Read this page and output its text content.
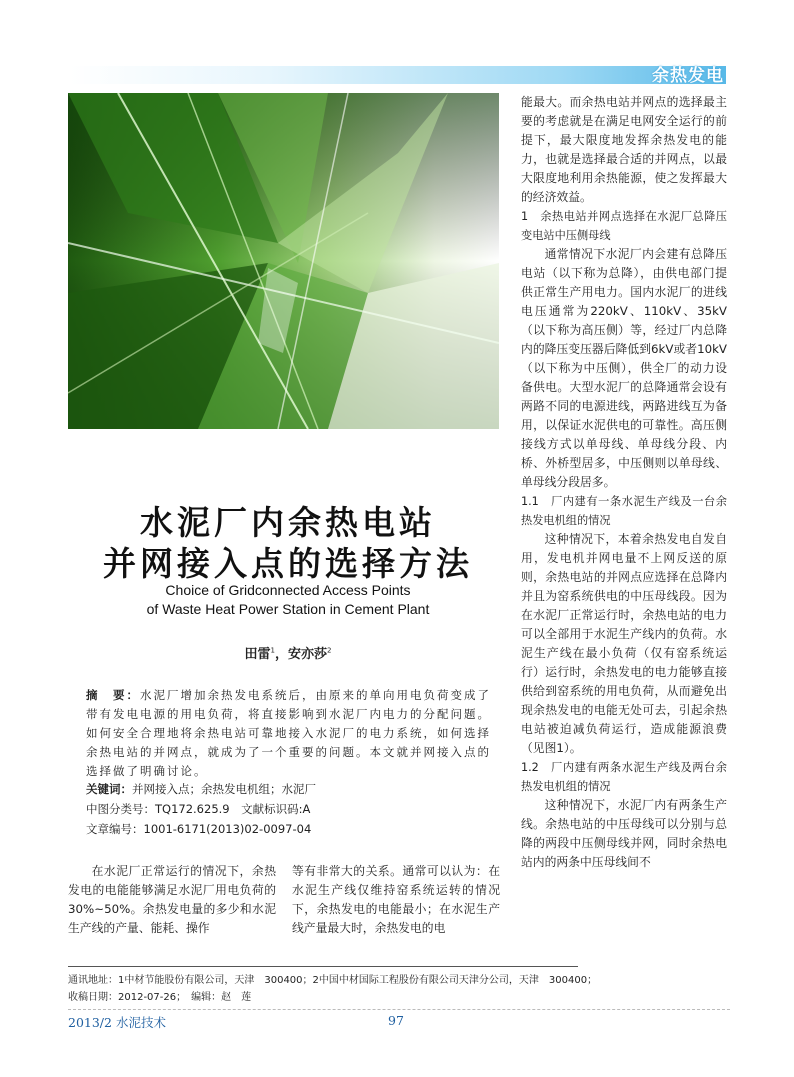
余热发电
水泥厂内余热电站
并网接入点的选择方法
Choice of Gridconnected Access Points
of Waste Heat Power Station in Cement Plant
田雷$^1$，安亦莎$^2$
摘　要：水泥厂增加余热发电系统后，由原来的单向用电负荷变成了带有发电电源的用电负荷，将直接影响到水泥厂内电力的分配问题。如何安全合理地将余热电站可靠地接入水泥厂的电力系统，如何选择余热电站的并网点，就成为了一个重要的问题。本文就并网接入点的选择做了明确讨论。
关键词：并网接入点；余热发电机组；水泥厂
中图分类号：TQ172.625.9　文献标识码:A
文章编号：1001-6171(2013)02-0097-04

在水泥厂正常运行的情况下，余热发电的电能能够满足水泥厂用电负荷的30%~50%。余热发电量的多少和水泥生产线的产量、能耗、操作

等有非常大的关系。通常可以认为：在水泥生产线仅维持窑系统运转的情况下，余热发电的电能最小；在水泥生产线产量最大时，余热发电的电

能最大。而余热电站并网点的选择最主要的考虑就是在满足电网安全运行的前提下，最大限度地发挥余热发电的能力，也就是选择最合适的并网点，以最大限度地利用余热能源，使之发挥最大的经济效益。

1　余热电站并网点选择在水泥厂总降压变电站中压侧母线

通常情况下水泥厂内会建有总降压电站（以下称为总降），由供电部门提供正常生产用电力。国内水泥厂的进线电压通常为220kV、110kV、35kV（以下称为高压侧）等，经过厂内总降内的降压变压器后降低到6kV或者10kV（以下称为中压侧），供全厂的动力设备供电。大型水泥厂的总降通常会设有两路不同的电源进线，两路进线互为备用，以保证水泥供电的可靠性。高压侧接线方式以单母线、单母线分段、内桥、外桥型居多，中压侧则以单母线、单母线分段居多。

1.1　厂内建有一条水泥生产线及一台余热发电机组的情况

这种情况下，本着余热发电自发自用，发电机并网电量不上网反送的原则，余热电站的并网点应选择在总降内并且为窑系统供电的中压母线段。因为在水泥厂正常运行时，余热电站的电力可以全部用于水泥生产线内的负荷。水泥生产线在最小负荷（仅有窑系统运行）运行时，余热发电的电力能够直接供给到窑系统的用电负荷，从而避免出现余热发电的电能无处可去，引起余热电站被迫减负荷运行，造成能源浪费（见图1）。

1.2　厂内建有两条水泥生产线及两台余热发电机组的情况

这种情况下，水泥厂内有两条生产线。余热电站的中压母线可以分别与总降的两段中压侧母线并网，同时余热电站内的两条中压母线间不

通讯地址：1中材节能股份有限公司，天津　300400；2中国中材国际工程股份有限公司天津分公司，天津　300400；
收稿日期：2012-07-26；　编辑：赵　莲
2013/2 水泥技术	97
